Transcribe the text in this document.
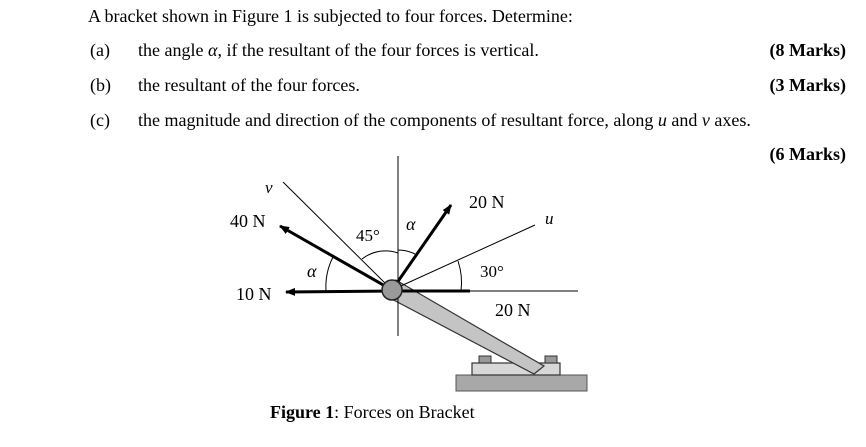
A bracket shown in Figure 1 is subjected to four forces. Determine:
(a) the angle α, if the resultant of the four forces is vertical.	(8 Marks)
(b) the resultant of the four forces.	(3 Marks)
(c) the magnitude and direction of the components of resultant force, along u and v axes.
(6 Marks)
v
u
40 N
10 N
20 N
20 N
45°
30°
α
α
Figure 1: Forces on Bracket
